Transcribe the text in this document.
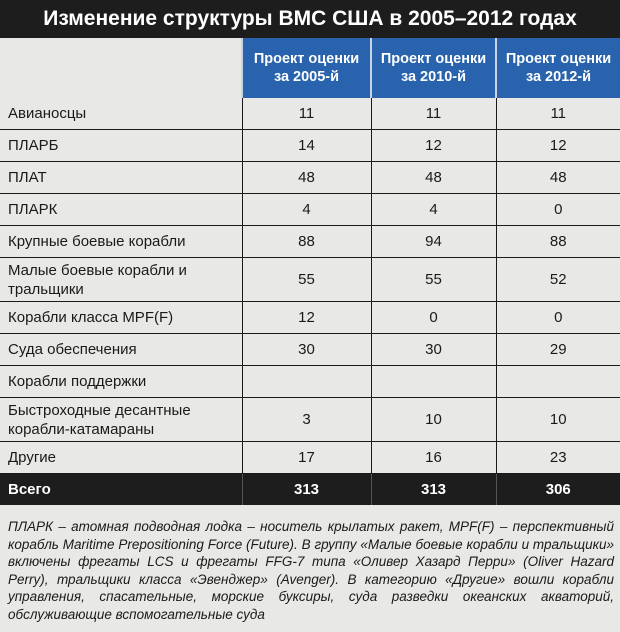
Изменение структуры ВМС США в 2005–2012 годах
	Проект оценки за 2005-й	Проект оценки за 2010-й	Проект оценки за 2012-й
Авианосцы	11	11	11
ПЛАРБ	14	12	12
ПЛАТ	48	48	48
ПЛАРК	4	4	0
Крупные боевые корабли	88	94	88
Малые боевые корабли и тральщики	55	55	52
Корабли класса MPF(F)	12	0	0
Суда обеспечения	30	30	29
Корабли поддержки			
Быстроходные десантные корабли-катамараны	3	10	10
Другие	17	16	23
Всего	313	313	306
ПЛАРК – атомная подводная лодка – носитель крылатых ракет, MPF(F) – перспективный корабль Maritime Prepositioning Force (Future). В группу «Малые боевые корабли и тральщики» включены фрегаты LCS и фрегаты FFG-7 типа «Оливер Хазард Перри» (Oliver Hazard Perry), тральщики класса «Эвенджер» (Avenger). В категорию «Другие» вошли корабли управления, спасательные, морские буксиры, суда разведки океанских акваторий, обслуживающие вспомогательные суда
